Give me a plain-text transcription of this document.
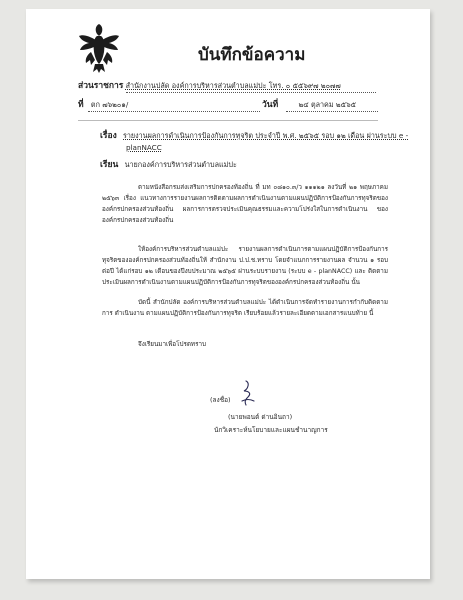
บันทึกข้อความ
ส่วนราชการ สำนักงานปลัด องค์การบริหารส่วนตำบลแม่ปะ โทร. ๐ ๕๕๖๙๗ ๒๐๗๗
ที่ ตก ๗๖๒๐๑/	วันที่	๒๔ ตุลาคม ๒๕๖๕
เรื่อง รายงานผลการดำเนินการป้องกันการทุจริต ประจำปี พ.ศ. ๒๕๖๕ รอบ ๑๒ เดือน ผ่านระบบ e -
planNACC
เรียน นายกองค์การบริหารส่วนตำบลแม่ปะ

ตามหนังสือกรมส่งเสริมการปกครองท้องถิ่น ที่ มท ๐๘๑๐.๓/ว ๑๑๑๒๑ ลงวันที่ ๒๑ พฤษภาคม ๒๕๖๓ เรื่อง แนวทางการรายงานผลการติดตามผลการดำเนินงานตามแผนปฏิบัติการป้องกันการทุจริตของ องค์กรปกครองส่วนท้องถิ่น ผลการการตรวจประเมินคุณธรรมและความโปร่งใสในการดำเนินงาน ขององค์กรปกครองส่วนท้องถิ่น

ให้องค์การบริหารส่วนตำบลแม่ปะ รายงานผลการดำเนินการตามแผนปฏิบัติการป้องกันการ ทุจริตขององค์กรปกครองส่วนท้องถิ่นให้ สำนักงาน ป.ป.ช.ทราบ โดยจำแนกการรายงานผล จำนวน ๑ รอบ ต่อปี ได้แก่รอบ ๑๒ เดือนของปีงบประมาณ ๒๕๖๕ ผ่านระบบรายงาน (ระบบ e - planNACC) และ ติดตามประเมินผลการดำเนินงานตามแผนปฏิบัติการป้องกันการทุจริตขององค์กรปกครองส่วนท้องถิ่น นั้น

บัดนี้ สำนักปลัด องค์การบริหารส่วนตำบลแม่ปะ ได้ดำเนินการจัดทำรายงานการกำกับติดตามการ ดำเนินงาน ตามแผนปฏิบัติการป้องกันการทุจริต เรียบร้อยแล้วรายละเอียดตามเอกสารแนบท้าย นี้

จึงเรียนมาเพื่อโปรดทราบ

(ลงชื่อ)
(นายพอนต์ ด่านอินถา)
นักวิเคราะห์นโยบายและแผนชำนาญการ
